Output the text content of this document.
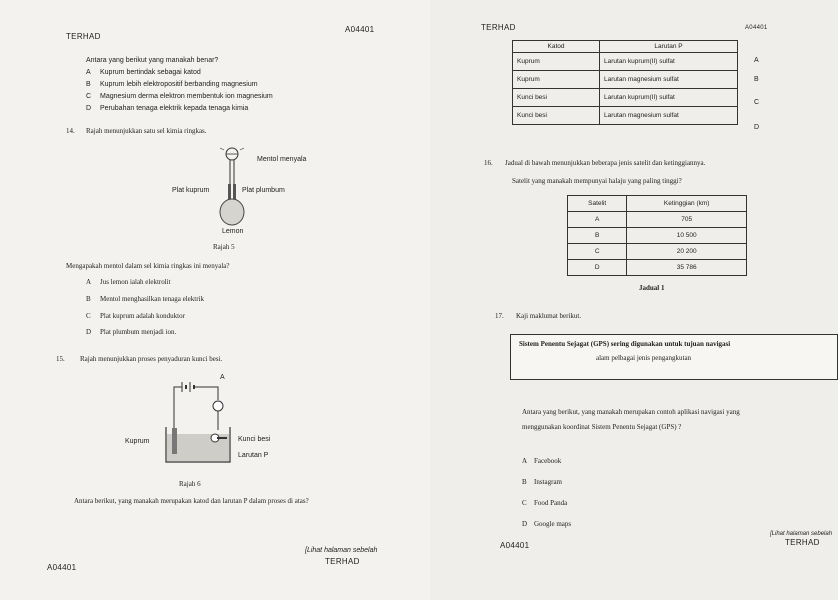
TERHAD
A04401
Antara yang berikut yang manakah benar?
A Kuprum bertindak sebagai katod
B Kuprum lebih elektropositif berbanding magnesium
C Magnesium derma elektron membentuk ion magnesium
D Perubahan tenaga elektrik kepada tenaga kimia
14. Rajah menunjukkan satu sel kimia ringkas.
Mentol menyala
Plat kuprum	Plat plumbum
Lemon
Rajah 5
Mengapakah mentol dalam sel kimia ringkas ini menyala?
A Jus lemon ialah elektrolit
B Mentol menghasilkan tenaga elektrik
C Plat kuprum adalah konduktor
D Plat plumbum menjadi ion.
15. Rajah menunjukkan proses penyaduran kunci besi.
A
Kuprum	Kunci besi
Larutan P
Rajah 6
Antara berikut, yang manakah merupakan katod dan larutan P dalam proses di atas?
A04401
[Lihat halaman sebelah
TERHAD
TERHAD	A04401
Katod	Larutan P
Kuprum	Larutan kuprum(II) sulfat
Kuprum	Larutan magnesium sulfat
Kunci besi	Larutan kuprum(II) sulfat
Kunci besi	Larutan magnesium sulfat
A
B
C
D
16. Jadual di bawah menunjukkan beberapa jenis satelit dan ketinggiannya.
Satelit yang manakah mempunyai halaju yang paling tinggi?
Satelit	Ketinggian (km)
A	705
B	10 500
C	20 200
D	35 786
Jadual 1
17. Kaji maklumat berikut.
Sistem Penentu Sejagat (GPS) sering digunakan untuk tujuan navigasi
alam pelbagai jenis pengangkutan
Antara yang berikut, yang manakah merupakan contoh aplikasi navigasi yang
menggunakan koordinat Sistem Penentu Sejagat (GPS) ?
A Facebook
B Instagram
C Food Panda
D Google maps
A04401
[Lihat halaman sebelah
TERHAD
